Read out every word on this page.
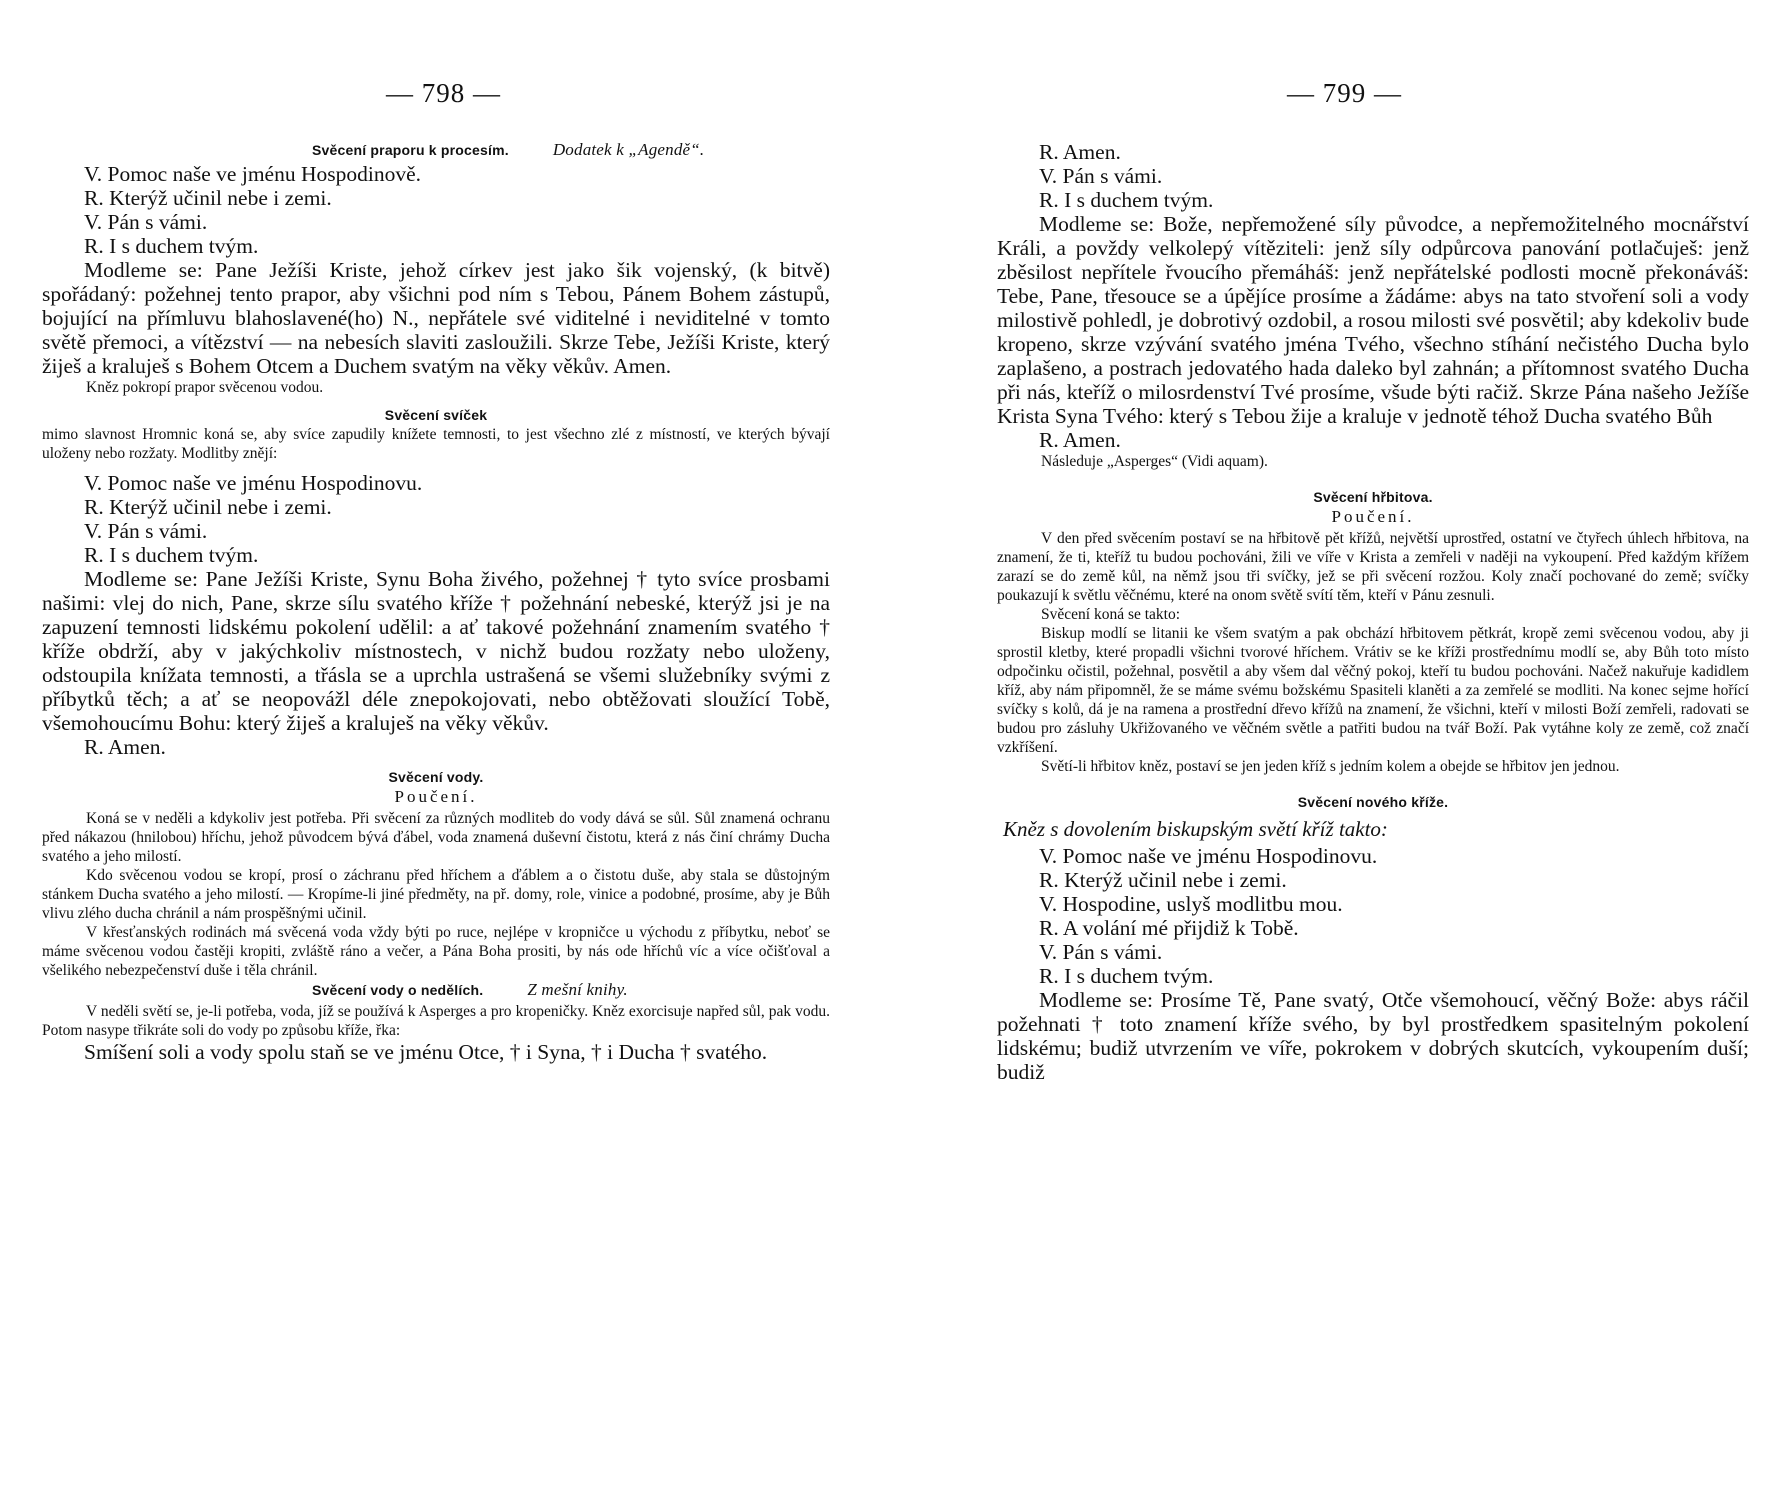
— 798 —
Svěcení praporu k procesím.	Dodatek k „Agendě“.

V. Pomoc naše ve jménu Hospodinově.

R. Kterýž učinil nebe i zemi.

V. Pán s vámi.

R. I s duchem tvým.

Modleme se: Pane Ježíši Kriste, jehož církev jest jako šik vojenský, (k bitvě) spořádaný: požehnej tento prapor, aby všichni pod ním s Tebou, Pánem Bohem zástupů, bojující na přímluvu blahoslavené(ho) N., nepřátele své viditelné i neviditelné v tomto světě přemoci, a vítězství — na nebesích slaviti zasloužili. Skrze Tebe, Ježíši Kriste, který žiješ a kraluješ s Bohem Otcem a Duchem svatým na věky věkův. Amen.

Kněz pokropí prapor svěcenou vodou.

Svěcení svíček

mimo slavnost Hromnic koná se, aby svíce zapudily knížete temnosti, to jest všechno zlé z místností, ve kterých bývají uloženy nebo rozžaty. Modlitby znějí:

V. Pomoc naše ve jménu Hospodinovu.

R. Kterýž učinil nebe i zemi.

V. Pán s vámi.

R. I s duchem tvým.

Modleme se: Pane Ježíši Kriste, Synu Boha živého, požehnej † tyto svíce prosbami našimi: vlej do nich, Pane, skrze sílu svatého kříže † požehnání nebeské, kterýž jsi je na zapuzení temnosti lidskému pokolení udělil: a ať takové požehnání znamením svatého † kříže obdrží, aby v jakýchkoliv místnostech, v nichž budou rozžaty nebo uloženy, odstoupila knížata temnosti, a třásla se a uprchla ustrašená se všemi služebníky svými z příbytků těch; a ať se neopovážl déle znepokojovati, nebo obtěžovati sloužící Tobě, všemohoucímu Bohu: který žiješ a kraluješ na věky věkův.

R. Amen.

Svěcení vody.

Poučení.

Koná se v neděli a kdykoliv jest potřeba. Při svěcení za různých modliteb do vody dává se sůl. Sůl znamená ochranu před nákazou (hnilobou) hříchu, jehož původcem bývá ďábel, voda znamená duševní čistotu, která z nás činí chrámy Ducha svatého a jeho milostí.

Kdo svěcenou vodou se kropí, prosí o záchranu před hříchem a ďáblem a o čistotu duše, aby stala se důstojným stánkem Ducha svatého a jeho milostí. — Kropíme-li jiné předměty, na př. domy, role, vinice a podobné, prosíme, aby je Bůh vlivu zlého ducha chránil a nám prospěšnými učinil.

V křesťanských rodinách má svěcená voda vždy býti po ruce, nejlépe v kropničce u východu z příbytku, neboť se máme svěcenou vodou častěji kropiti, zvláště ráno a večer, a Pána Boha prositi, by nás ode hříchů víc a více očišťoval a všelikého nebezpečenství duše i těla chránil.

Svěcení vody o nedělích.	Z mešní knihy.

V neděli světí se, je-li potřeba, voda, jíž se používá k Asperges a pro kropeničky. Kněz exorcisuje napřed sůl, pak vodu. Potom nasype třikráte soli do vody po způsobu kříže, řka:

Smíšení soli a vody spolu staň se ve jménu Otce, † i Syna, † i Ducha † svatého.

— 799 —

R. Amen.

V. Pán s vámi.

R. I s duchem tvým.

Modleme se: Bože, nepřemožené síly původce, a nepřemožitelného mocnářství Králi, a povždy velkolepý vítěziteli: jenž síly odpůrcova panování potlačuješ: jenž zběsilost nepřítele řvoucího přemáháš: jenž nepřátelské podlosti mocně překonáváš: Tebe, Pane, třesouce se a úpějíce prosíme a žádáme: abys na tato stvoření soli a vody milostivě pohledl, je dobrotivý ozdobil, a rosou milosti své posvětil; aby kdekoliv bude kropeno, skrze vzývání svatého jména Tvého, všechno stíhání nečistého Ducha bylo zaplašeno, a postrach jedovatého hada daleko byl zahnán; a přítomnost svatého Ducha při nás, kteříž o milosrdenství Tvé prosíme, všude býti račiž. Skrze Pána našeho Ježíše Krista Syna Tvého: který s Tebou žije a kraluje v jednotě téhož Ducha svatého Bůh

R. Amen.

Následuje „Asperges“ (Vidi aquam).

Svěcení hřbitova.

Poučení.

V den před svěcením postaví se na hřbitově pět křížů, největší uprostřed, ostatní ve čtyřech úhlech hřbitova, na znamení, že ti, kteříž tu budou pochováni, žili ve víře v Krista a zemřeli v naději na vykoupení. Před každým křížem zarazí se do země kůl, na němž jsou tři svíčky, jež se při svěcení rozžou. Koly značí pochované do země; svíčky poukazují k světlu věčnému, které na onom světě svítí těm, kteří v Pánu zesnuli.

Svěcení koná se takto:

Biskup modlí se litanii ke všem svatým a pak obchází hřbitovem pětkrát, kropě zemi svěcenou vodou, aby ji sprostil kletby, které propadli všichni tvorové hříchem. Vrátiv se ke kříži prostřednímu modlí se, aby Bůh toto místo odpočinku očistil, požehnal, posvětil a aby všem dal věčný pokoj, kteří tu budou pochováni. Načež nakuřuje kadidlem kříž, aby nám připomněl, že se máme svému božskému Spasiteli klaněti a za zemřelé se modliti. Na konec sejme hořící svíčky s kolů, dá je na ramena a prostřední dřevo křížů na znamení, že všichni, kteří v milosti Boží zemřeli, radovati se budou pro zásluhy Ukřižovaného ve věčném světle a patřiti budou na tvář Boží. Pak vytáhne koly ze země, což značí vzkříšení.

Světí-li hřbitov kněz, postaví se jen jeden kříž s jedním kolem a obejde se hřbitov jen jednou.

Svěcení nového kříže.

Kněz s dovolením biskupským světí kříž takto:

V. Pomoc naše ve jménu Hospodinovu.

R. Kterýž učinil nebe i zemi.

V. Hospodine, uslyš modlitbu mou.

R. A volání mé přijdiž k Tobě.

V. Pán s vámi.

R. I s duchem tvým.

Modleme se: Prosíme Tě, Pane svatý, Otče všemohoucí, věčný Bože: abys ráčil požehnati † toto znamení kříže svého, by byl prostředkem spasitelným pokolení lidskému; budiž utvrzením ve víře, pokrokem v dobrých skutcích, vykoupením duší; budiž
